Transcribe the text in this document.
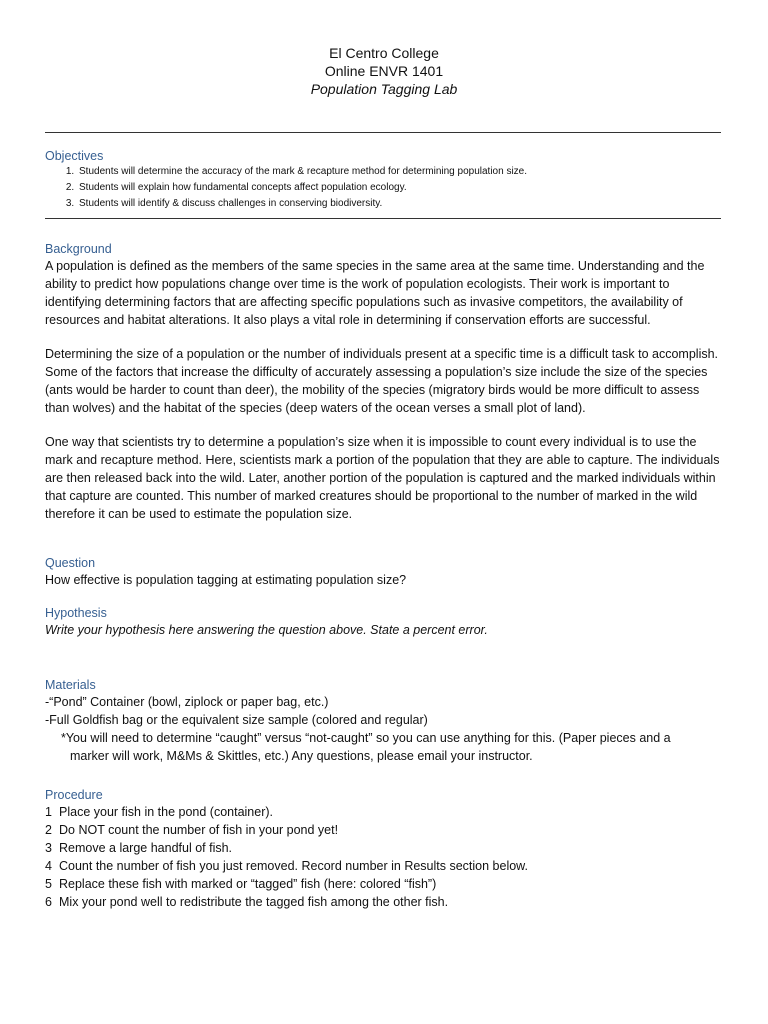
El Centro College
Online ENVR 1401
Population Tagging Lab
Objectives
1. Students will determine the accuracy of the mark & recapture method for determining population size.
2. Students will explain how fundamental concepts affect population ecology.
3. Students will identify & discuss challenges in conserving biodiversity.
Background

A population is defined as the members of the same species in the same area at the same time. Understanding and the ability to predict how populations change over time is the work of population ecologists. Their work is important to identifying determining factors that are affecting specific populations such as invasive competitors, the availability of resources and habitat alterations. It also plays a vital role in determining if conservation efforts are successful.

Determining the size of a population or the number of individuals present at a specific time is a difficult task to accomplish. Some of the factors that increase the difficulty of accurately assessing a population’s size include the size of the species (ants would be harder to count than deer), the mobility of the species (migratory birds would be more difficult to assess than wolves) and the habitat of the species (deep waters of the ocean verses a small plot of land).

One way that scientists try to determine a population’s size when it is impossible to count every individual is to use the mark and recapture method. Here, scientists mark a portion of the population that they are able to capture. The individuals are then released back into the wild. Later, another portion of the population is captured and the marked individuals within that capture are counted. This number of marked creatures should be proportional to the number of marked in the wild therefore it can be used to estimate the population size.

Question

How effective is population tagging at estimating population size?

Hypothesis

Write your hypothesis here answering the question above. State a percent error.

Materials

-“Pond” Container (bowl, ziplock or paper bag, etc.)

-Full Goldfish bag or the equivalent size sample (colored and regular)

*You will need to determine “caught” versus “not-caught” so you can use anything for this. (Paper pieces and a

marker will work, M&Ms & Skittles, etc.) Any questions, please email your instructor.

Procedure
1 Place your fish in the pond (container).
2 Do NOT count the number of fish in your pond yet!
3 Remove a large handful of fish.
4 Count the number of fish you just removed. Record number in Results section below.
5 Replace these fish with marked or “tagged” fish (here: colored “fish”)
6 Mix your pond well to redistribute the tagged fish among the other fish.
